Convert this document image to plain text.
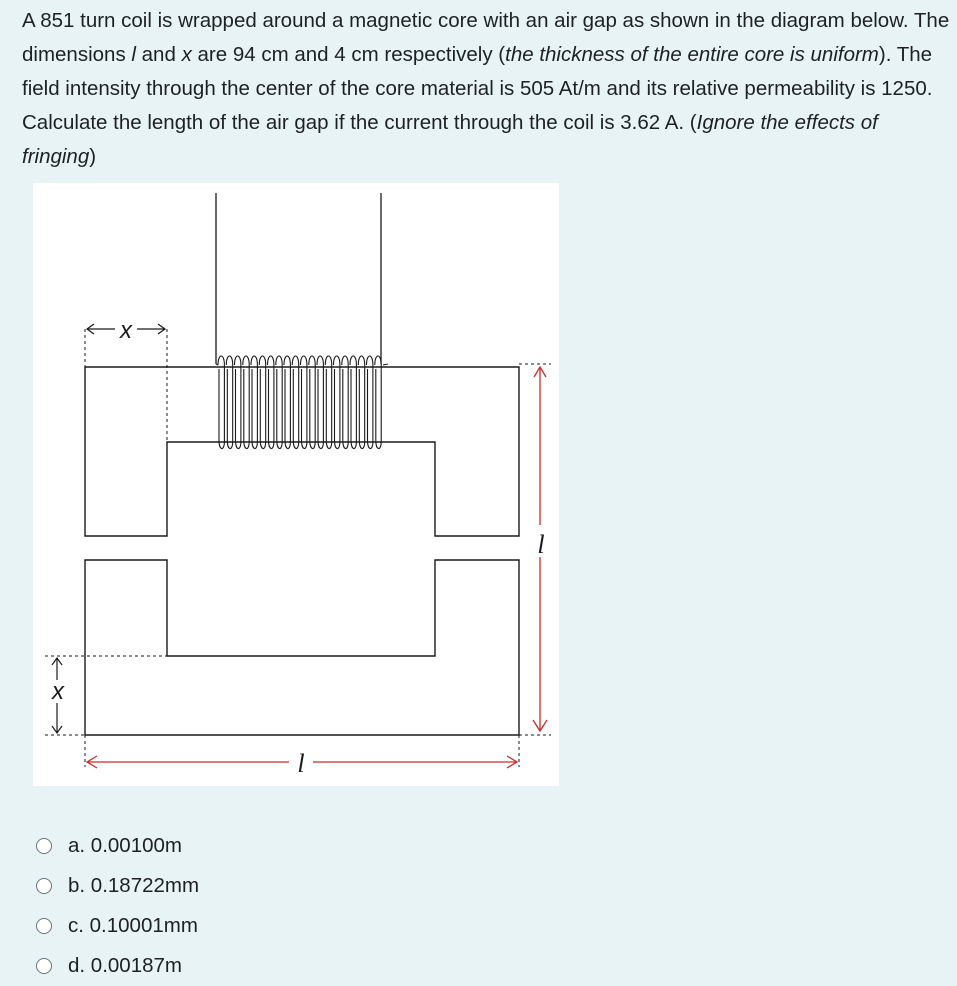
A 851 turn coil is wrapped around a magnetic core with an air gap as shown in the diagram below. The dimensions l and x are 94 cm and 4 cm respectively (the thickness of the entire core is uniform). The field intensity through the center of the core material is 505 At/m and its relative permeability is 1250. Calculate the length of the air gap if the current through the coil is 3.62 A. (Ignore the effects of fringing)

x
x
l
l
a. 0.00100m
b. 0.18722mm
c. 0.10001mm
d. 0.00187m
